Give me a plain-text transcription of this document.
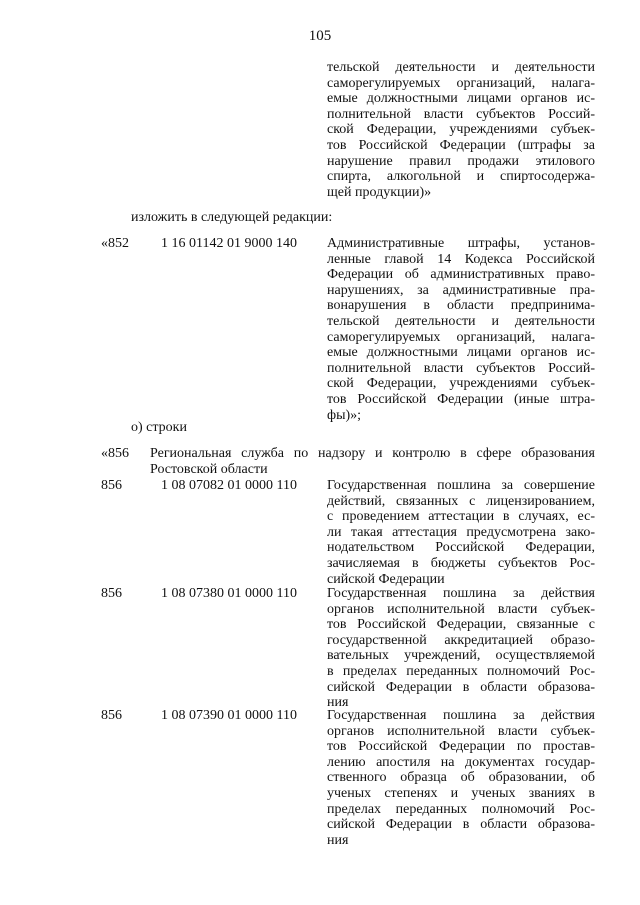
105
тельской деятельности и деятельности
саморегулируемых организаций, налага-
емые должностными лицами органов ис-
полнительной власти субъектов Россий-
ской Федерации, учреждениями субъек-
тов Российской Федерации (штрафы за
нарушение правил продажи этилового
спирта, алкогольной и спиртосодержа-
щей продукции)»
изложить в следующей редакции:
«852	1 16 01142 01 9000 140	Административные штрафы, установ-
ленные главой 14 Кодекса Российской
Федерации об административных право-
нарушениях, за административные пра-
вонарушения в области предпринима-
тельской деятельности и деятельности
саморегулируемых организаций, налага-
емые должностными лицами органов ис-
полнительной власти субъектов Россий-
ской Федерации, учреждениями субъек-
тов Российской Федерации (иные штра-
фы)»;
о) строки
«856	Региональная служба по надзору и контролю в сфере образования
Ростовской области
856	1 08 07082 01 0000 110	Государственная пошлина за совершение
действий, связанных с лицензированием,
с проведением аттестации в случаях, ес-
ли такая аттестация предусмотрена зако-
нодательством Российской Федерации,
зачисляемая в бюджеты субъектов Рос-
сийской Федерации
856	1 08 07380 01 0000 110	Государственная пошлина за действия
органов исполнительной власти субъек-
тов Российской Федерации, связанные с
государственной аккредитацией образо-
вательных учреждений, осуществляемой
в пределах переданных полномочий Рос-
сийской Федерации в области образова-
ния
856	1 08 07390 01 0000 110	Государственная пошлина за действия
органов исполнительной власти субъек-
тов Российской Федерации по простав-
лению апостиля на документах государ-
ственного образца об образовании, об
ученых степенях и ученых званиях в
пределах переданных полномочий Рос-
сийской Федерации в области образова-
ния
